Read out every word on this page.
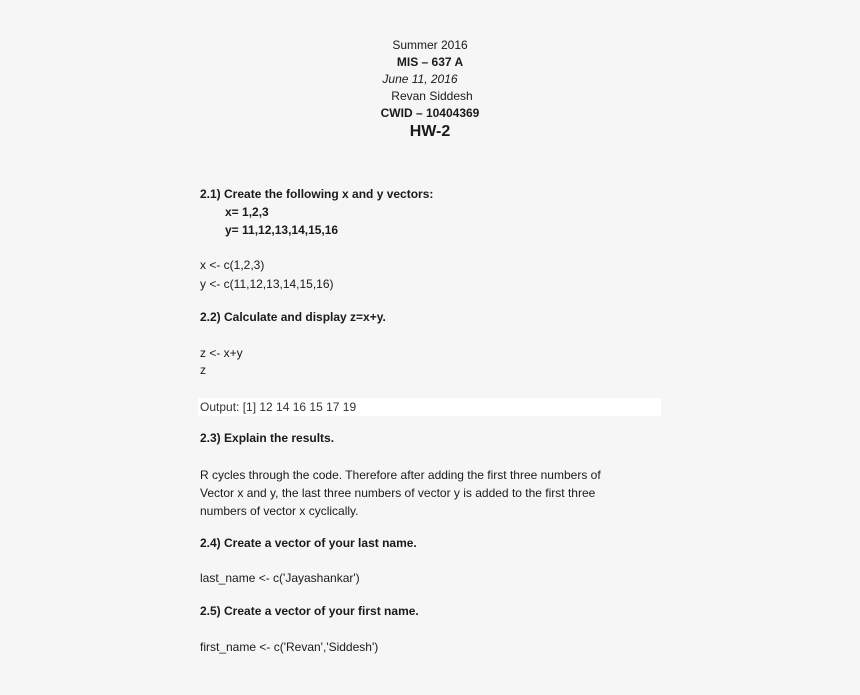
Summer 2016
MIS – 637 A
June 11, 2016
Revan Siddesh
CWID – 10404369
HW-2
2.1) Create the following x and y vectors:
x= 1,2,3
y= 11,12,13,14,15,16
x <- c(1,2,3)
y <- c(11,12,13,14,15,16)
2.2) Calculate and display z=x+y.
z <- x+y
z
Output: [1] 12 14 16 15 17 19
2.3) Explain the results.
R cycles through the code. Therefore after adding the first three numbers of
Vector x and y, the last three numbers of vector y is added to the first three
numbers of vector x cyclically.
2.4) Create a vector of your last name.
last_name <- c('Jayashankar')
2.5) Create a vector of your first name.
first_name <- c('Revan','Siddesh')
